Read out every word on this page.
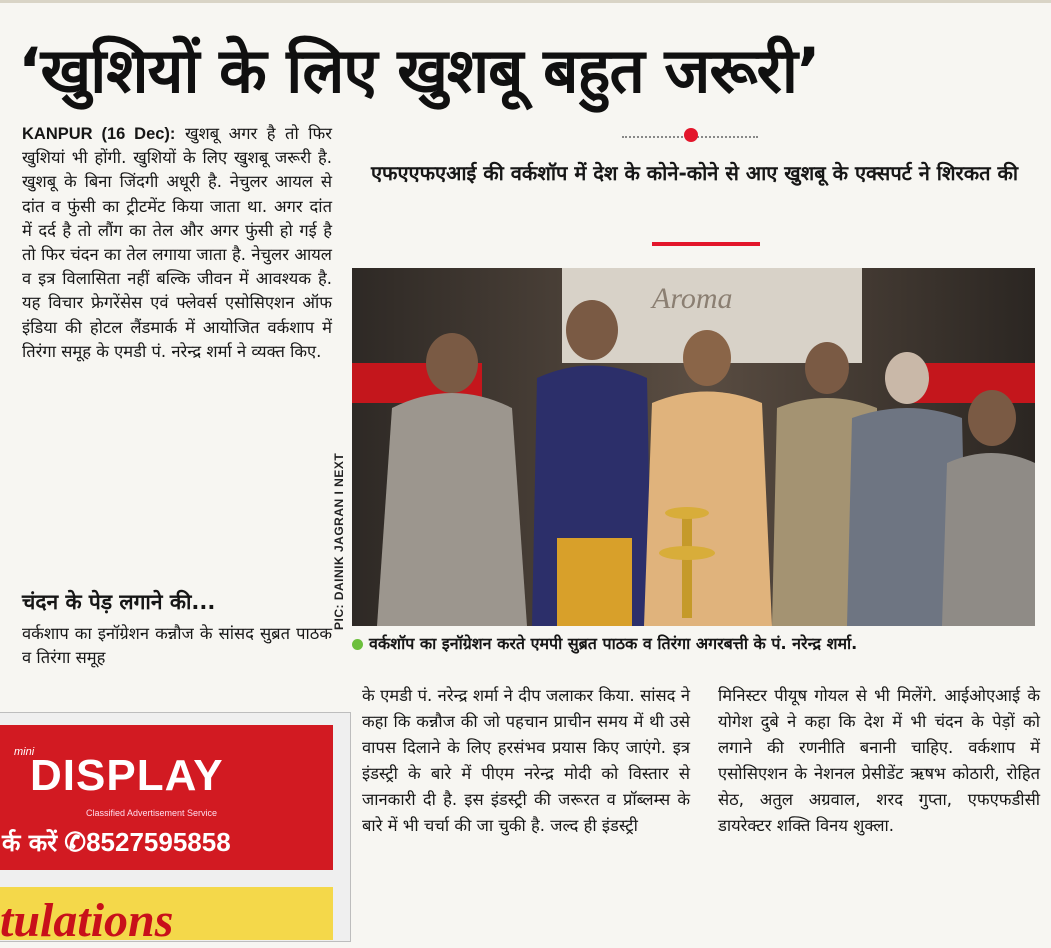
‘खुशियों के लिए खुशबू बहुत जरूरी’
KANPUR (16 Dec): खुशबू अगर है तो फिर खुशियां भी होंगी. खुशियों के लिए खुशबू जरूरी है. खुशबू के बिना जिंदगी अधूरी है. नेचुलर आयल से दांत व फुंसी का ट्रीटमेंट किया जाता था. अगर दांत में दर्द है तो लौंग का तेल और अगर फुंसी हो गई है तो फिर चंदन का तेल लगाया जाता है. नेचुलर आयल व इत्र विलासिता नहीं बल्कि जीवन में आवश्यक है. यह विचार फ्रेगरेंसेस एवं फ्लेवर्स एसोसिएशन ऑफ इंडिया की होटल लैंडमार्क में आयोजित वर्कशाप में तिरंगा समूह के एमडी पं. नरेन्द्र शर्मा ने व्यक्त किए.
चंदन के पेड़ लगाने की...
वर्कशाप का इनॉग्रेशन कन्नौज के सांसद सुब्रत पाठक व तिरंगा समूह
PIC: DAINIK JAGRAN I NEXT
एफएएफएआई की वर्कशॉप में देश के कोने-कोने से आए खुशबू के एक्सपर्ट ने शिरकत की
Aroma
वर्कशॉप का इनॉग्रेशन करते एमपी सुब्रत पाठक व तिरंगा अगरबत्ती के पं. नरेन्द्र शर्मा.
के एमडी पं. नरेन्द्र शर्मा ने दीप जलाकर किया. सांसद ने कहा कि कन्नौज की जो पहचान प्राचीन समय में थी उसे वापस दिलाने के लिए हरसंभव प्रयास किए जाएंगे. इत्र इंडस्ट्री के बारे में पीएम नरेन्द्र मोदी को विस्तार से जानकारी दी है. इस इंडस्ट्री की जरूरत व प्रॉब्लम्स के बारे में भी चर्चा की जा चुकी है. जल्द ही इंडस्ट्री
मिनिस्टर पीयूष गोयल से भी मिलेंगे. आईओएआई के योगेश दुबे ने कहा कि देश में भी चंदन के पेड़ों को लगाने की रणनीति बनानी चाहिए. वर्कशाप में एसोसिएशन के नेशनल प्रेसीडेंट ऋषभ कोठारी, रोहित सेठ, अतुल अग्रवाल, शरद गुप्ता, एफएफडीसी डायरेक्टर शक्ति विनय शुक्ला.
mini
DISPLAY
Classified Advertisement Service
र्क करें ✆8527595858
tulations
